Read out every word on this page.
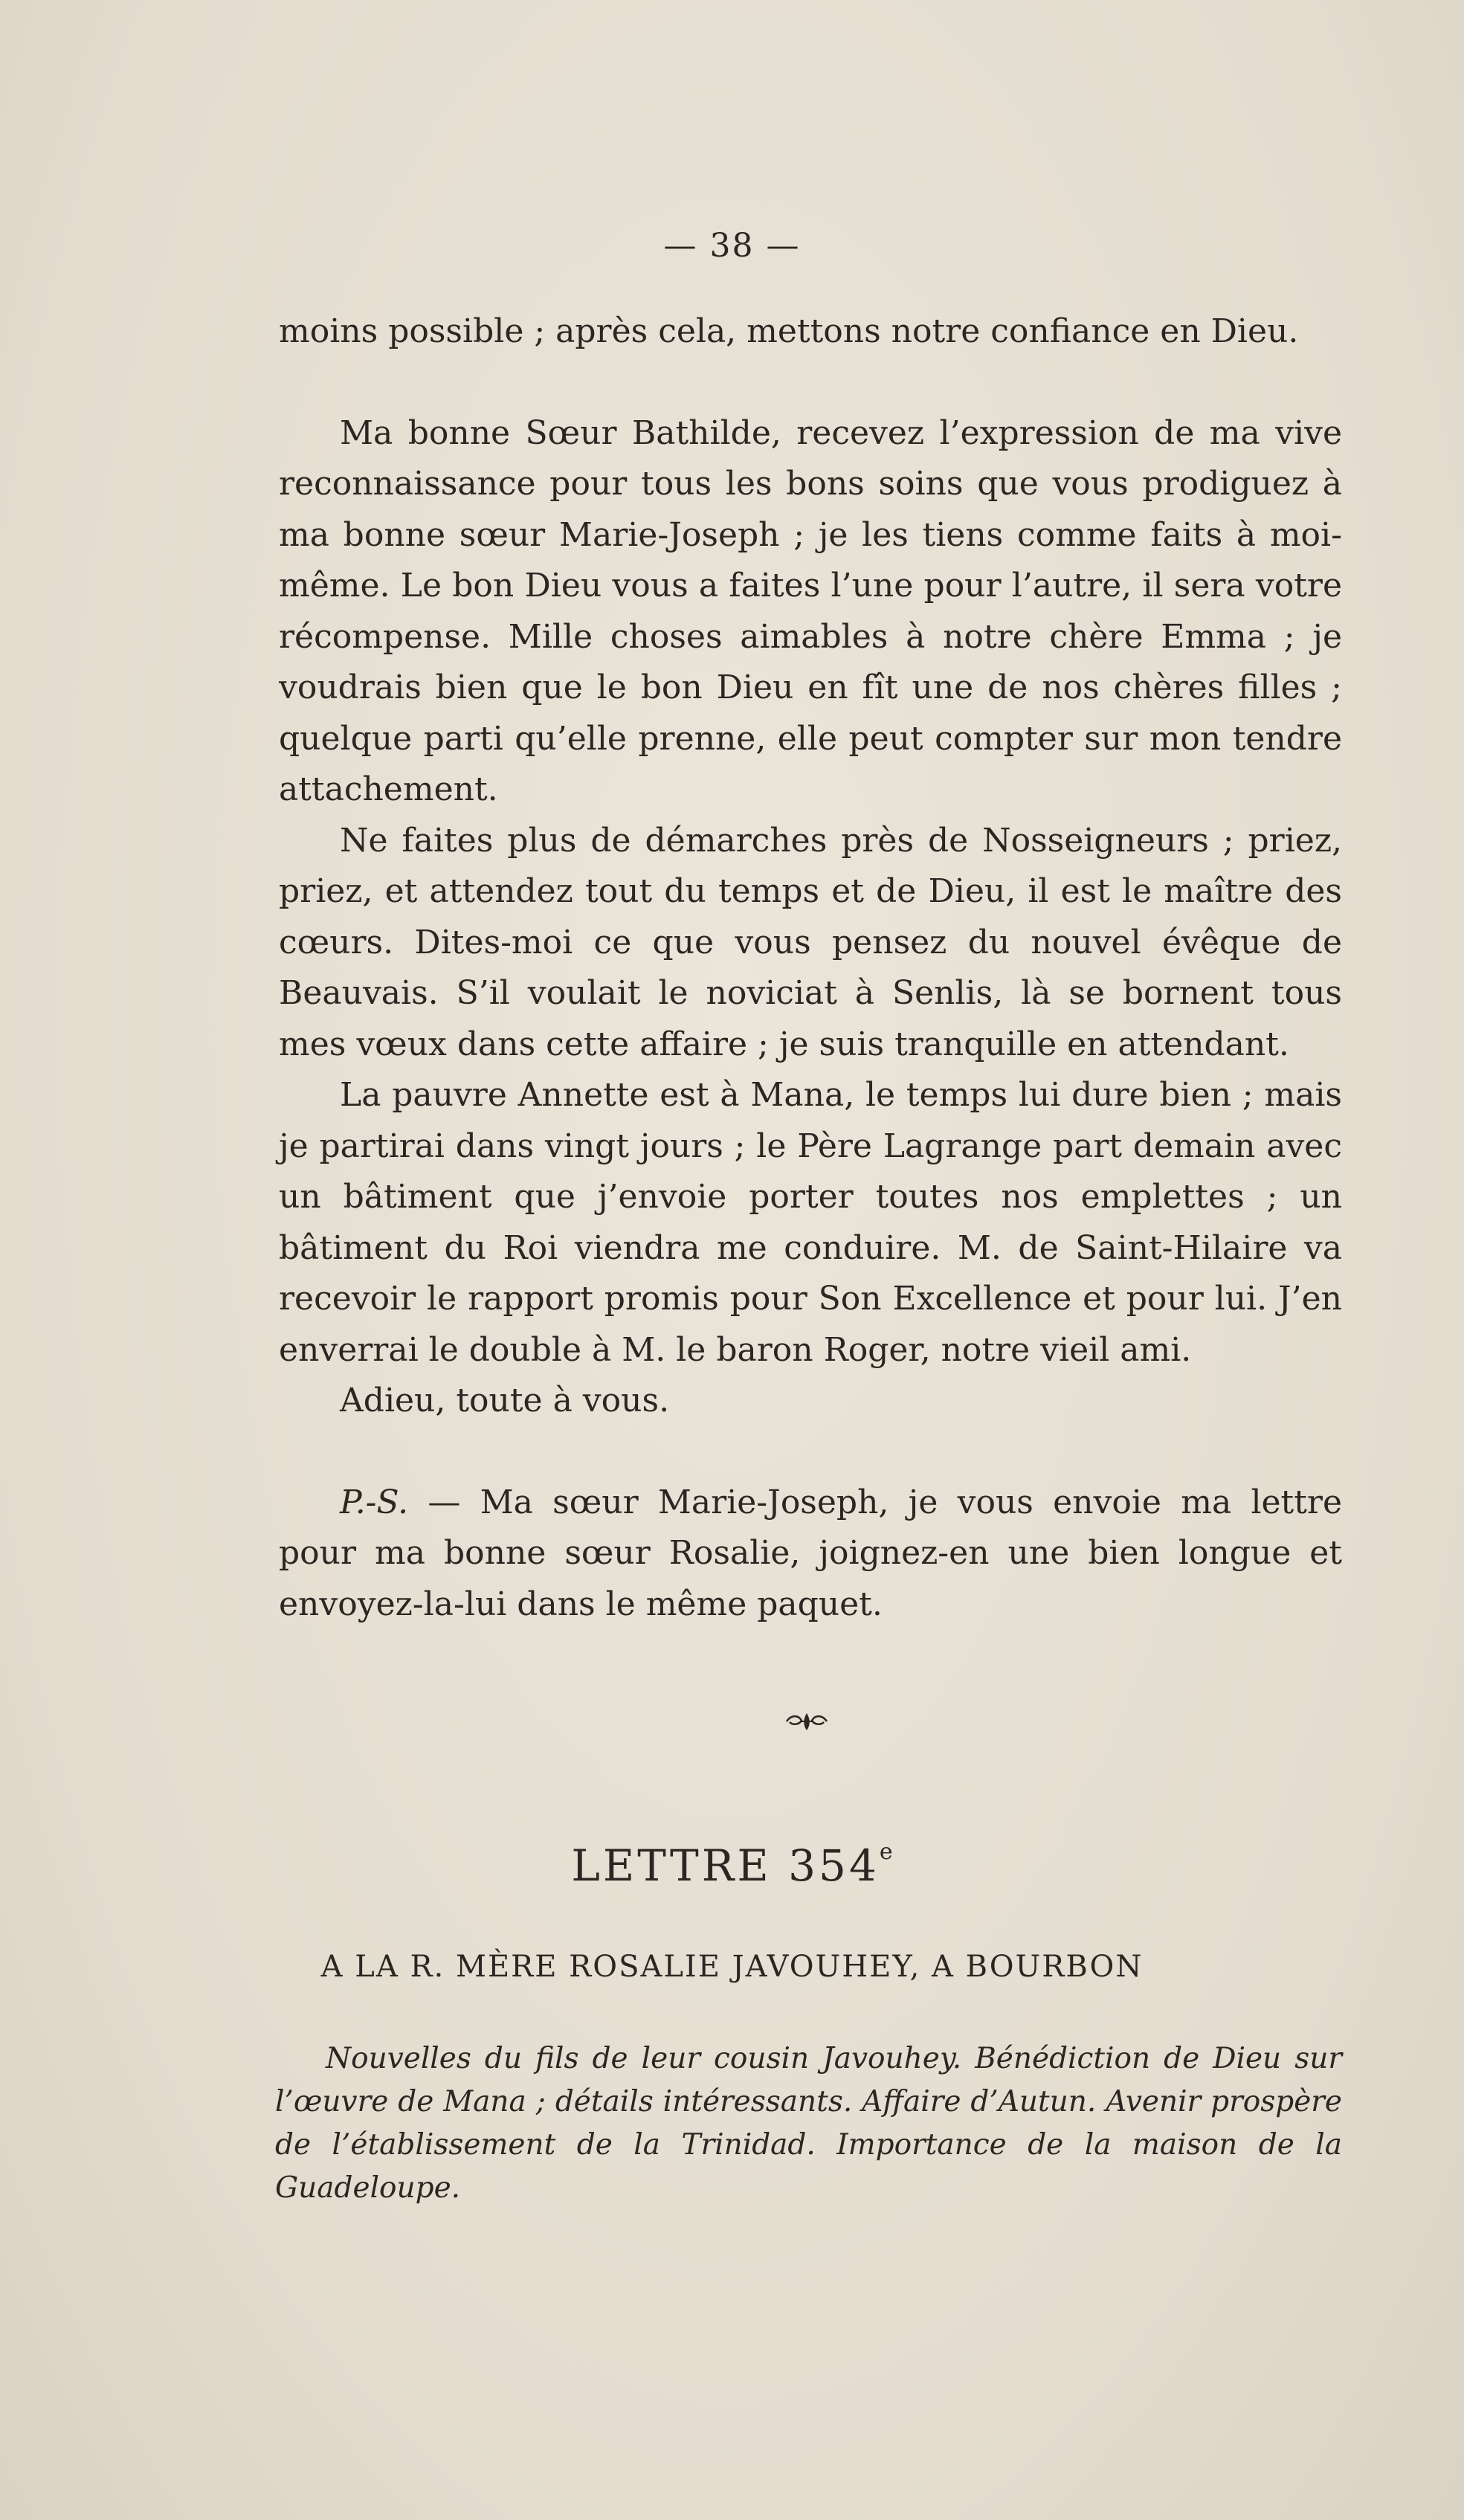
— 38 —

moins possible ; après cela, mettons notre confiance en Dieu.

Ma bonne Sœur Bathilde, recevez l’expression de ma vive reconnaissance pour tous les bons soins que vous prodiguez à ma bonne sœur Marie-Joseph ; je les tiens comme faits à moi-même. Le bon Dieu vous a faites l’une pour l’autre, il sera votre récompense. Mille choses aimables à notre chère Emma ; je voudrais bien que le bon Dieu en fît une de nos chères filles ; quelque parti qu’elle prenne, elle peut compter sur mon tendre attachement.

Ne faites plus de démarches près de Nosseigneurs ; priez, priez, et attendez tout du temps et de Dieu, il est le maître des cœurs. Dites-moi ce que vous pensez du nouvel évêque de Beauvais. S’il voulait le noviciat à Senlis, là se bornent tous mes vœux dans cette affaire ; je suis tranquille en attendant.

La pauvre Annette est à Mana, le temps lui dure bien ; mais je partirai dans vingt jours ; le Père Lagrange part demain avec un bâtiment que j’envoie porter toutes nos emplettes ; un bâtiment du Roi viendra me conduire. M. de Saint-Hilaire va recevoir le rapport promis pour Son Excellence et pour lui. J’en enverrai le double à M. le baron Roger, notre vieil ami.

Adieu, toute à vous.

P.-S. — Ma sœur Marie-Joseph, je vous envoie ma lettre pour ma bonne sœur Rosalie, joignez-en une bien longue et envoyez-la-lui dans le même paquet.

LETTRE 354e
A LA R. MÈRE ROSALIE JAVOUHEY, A BOURBON
Nouvelles du fils de leur cousin Javouhey. Bénédiction de Dieu sur l’œuvre de Mana ; détails intéressants. Affaire d’Autun. Avenir prospère de l’établissement de la Trinidad. Importance de la maison de la Guadeloupe.
